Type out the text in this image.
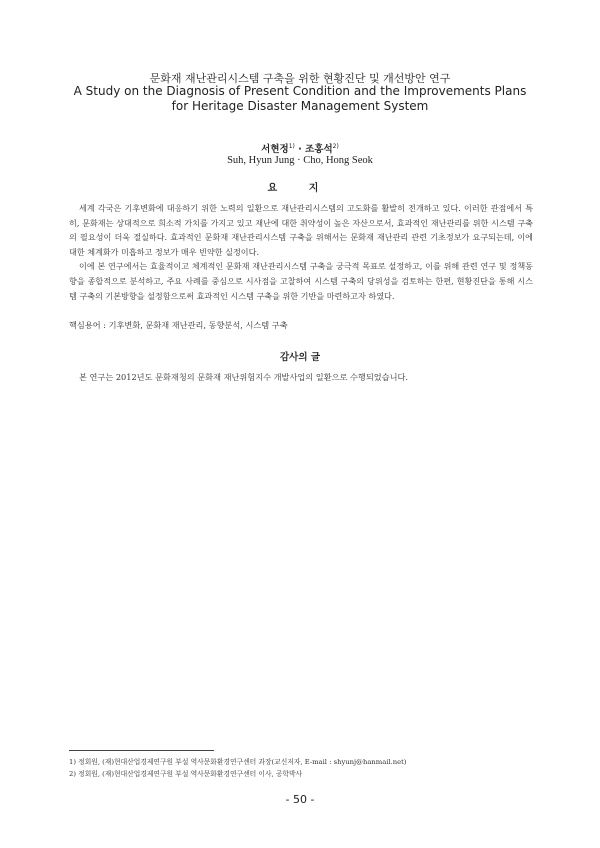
문화재 재난관리시스템 구축을 위한 현황진단 및 개선방안 연구
A Study on the Diagnosis of Present Condition and the Improvements Plans
for Heritage Disaster Management System
서현정$^{1)}$ · 조홍석$^{2)}$
Suh, Hyun Jung · Cho, Hong Seok
요 지

세계 각국은 기후변화에 대응하기 위한 노력의 일환으로 재난관리시스템의 고도화를 활발히 전개하고 있다. 이러한 관점에서 특히, 문화재는 상대적으로 희소적 가치를 가지고 있고 재난에 대한 취약성이 높은 자산으로서, 효과적인 재난관리를 위한 시스템 구축의 필요성이 더욱 절실하다. 효과적인 문화재 재난관리시스템 구축을 위해서는 문화재 재난관리 관련 기초정보가 요구되는데, 이에 대한 체계화가 미흡하고 정보가 매우 빈약한 실정이다.

이에 본 연구에서는 효율적이고 체계적인 문화재 재난관리시스템 구축을 궁극적 목표로 설정하고, 이를 위해 관련 연구 및 정책동향을 종합적으로 분석하고, 주요 사례를 중심으로 시사점을 고찰하여 시스템 구축의 당위성을 검토하는 한편, 현황진단을 통해 시스템 구축의 기본방향을 설정함으로써 효과적인 시스템 구축을 위한 기반을 마련하고자 하였다.

핵심용어 : 기후변화, 문화재 재난관리, 동향분석, 시스템 구축
감사의 글
본 연구는 2012년도 문화재청의 문화재 재난위험지수 개발사업의 일환으로 수행되었습니다.
1) 정회원, (재)현대산업경제연구원 부설 역사문화환경연구센터 과장(교신저자, E-mail : shyunj@hanmail.net)
2) 정회원, (재)현대산업경제연구원 부설 역사문화환경연구센터 이사, 공학박사
- 50 -
